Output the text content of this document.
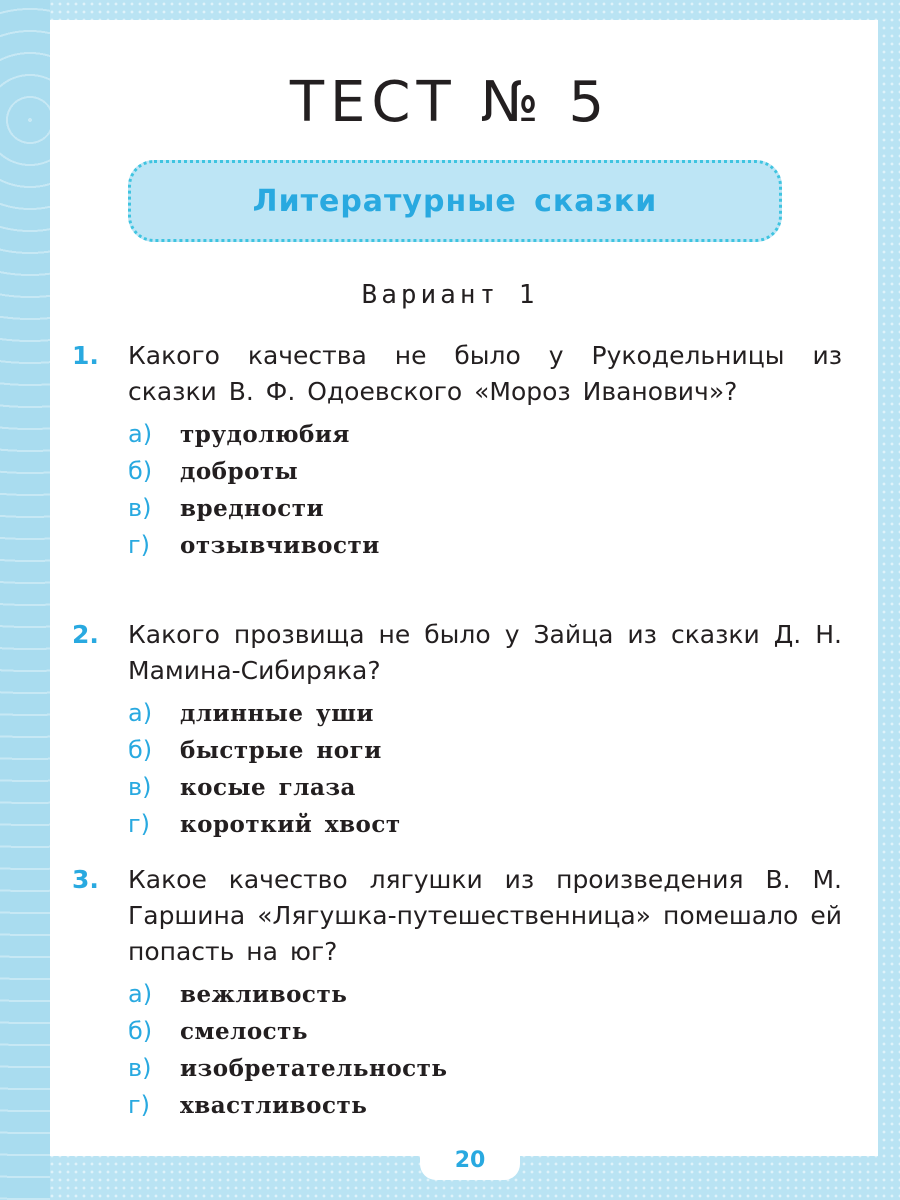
ТЕСТ № 5
Литературные сказки
Вариант 1
1. Какого качества не было у Рукодельницы из сказки В. Ф. Одоевского «Мороз Иванович»?
а) трудолюбия
б) доброты
в) вредности
г) отзывчивости
2. Какого прозвища не было у Зайца из сказки Д. Н. Мамина-Сибиряка?
а) длинные уши
б) быстрые ноги
в) косые глаза
г) короткий хвост
3. Какое качество лягушки из произведения В. М. Гаршина «Лягушка-путешественница» помешало ей попасть на юг?
а) вежливость
б) смелость
в) изобретательность
г) хвастливость
20
